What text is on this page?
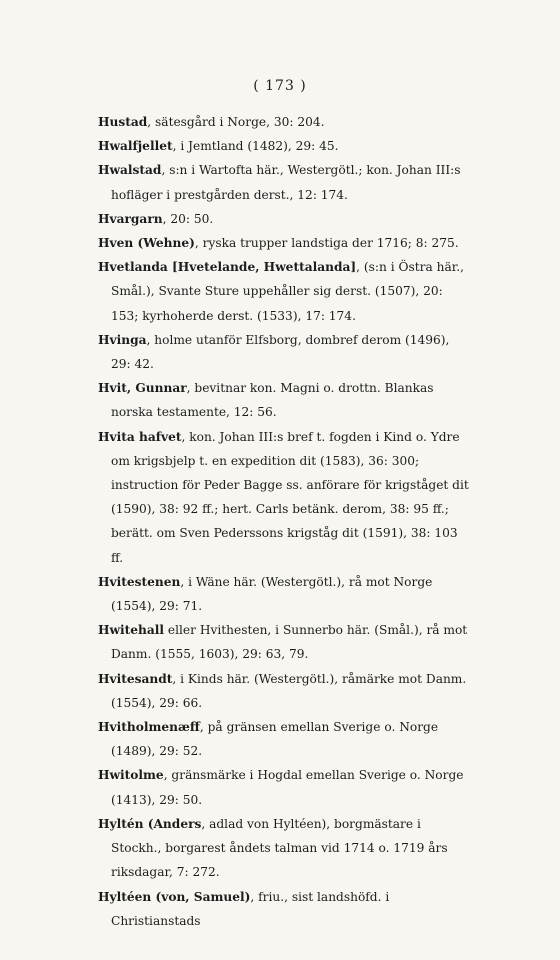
( 173 )

Hustad, sätesgård i Norge, 30: 204.

Hwalfjellet, i Jemtland (1482), 29: 45.

Hwalstad, s:n i Wartofta här., Westergötl.; kon. Johan III:s hofläger i prestgården derst., 12: 174.

Hvargarn, 20: 50.

Hven (Wehne), ryska trupper landstiga der 1716; 8: 275.

Hvetlanda [Hvetelande, Hwettalanda], (s:n i Östra här., Smål.), Svante Sture uppehåller sig derst. (1507), 20: 153; kyrhoherde derst. (1533), 17: 174.

Hvinga, holme utanför Elfsborg, dombref derom (1496), 29: 42.

Hvit, Gunnar, bevitnar kon. Magni o. drottn. Blankas norska testamente, 12: 56.

Hvita hafvet, kon. Johan III:s bref t. fogden i Kind o. Ydre om krigsbjelp t. en expedition dit (1583), 36: 300; instruction för Peder Bagge ss. anförare för krigståget dit (1590), 38: 92 ff.; hert. Carls betänk. derom, 38: 95 ff.; berätt. om Sven Pederssons krigståg dit (1591), 38: 103 ff.

Hvitestenen, i Wäne här. (Westergötl.), rå mot Norge (1554), 29: 71.

Hwitehall eller Hvithesten, i Sunnerbo här. (Smål.), rå mot Danm. (1555, 1603), 29: 63, 79.

Hvitesandt, i Kinds här. (Westergötl.), råmärke mot Danm. (1554), 29: 66.

Hvitholmenæff, på gränsen emellan Sverige o. Norge (1489), 29: 52.

Hwitolme, gränsmärke i Hogdal emellan Sverige o. Norge (1413), 29: 50.

Hyltén (Anders, adlad von Hyltéen), borgmästare i Stockh., borgarest åndets talman vid 1714 o. 1719 års riksdagar, 7: 272.

Hyltéen (von, Samuel), friu., sist landshöfd. i Christianstads
